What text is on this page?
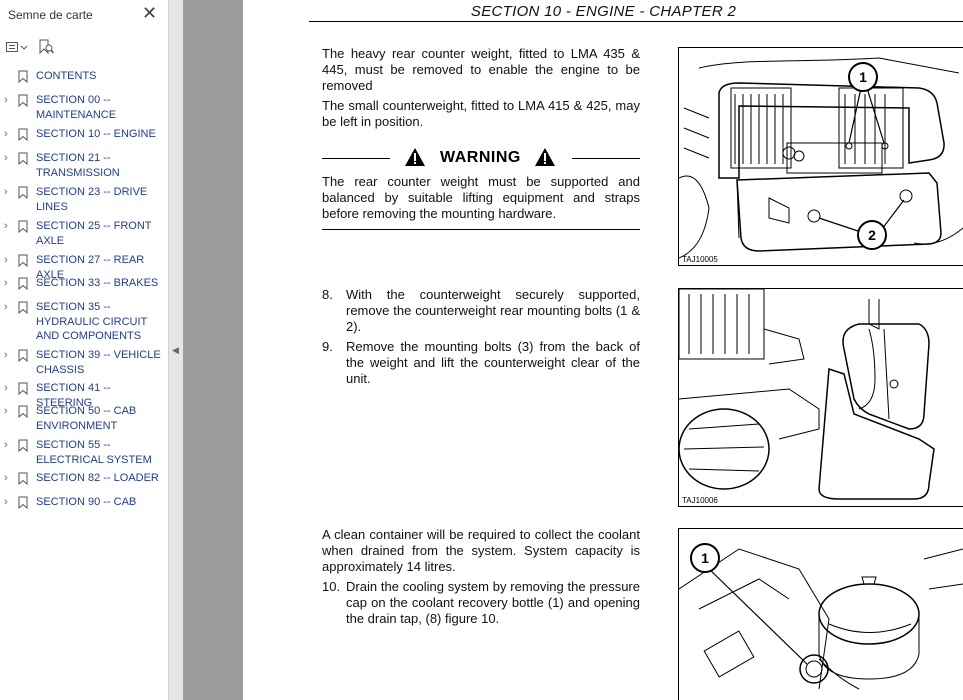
Semne de carte	✕
CONTENTS
›	SECTION 00 -- MAINTENANCE
›	SECTION 10 -- ENGINE
›	SECTION 21 -- TRANSMISSION
›	SECTION 23 -- DRIVE LINES
›	SECTION 25 -- FRONT AXLE
›	SECTION 27 -- REAR AXLE
›	SECTION 33 -- BRAKES
›	SECTION 35 -- HYDRAULIC CIRCUIT AND COMPONENTS
›	SECTION 39 -- VEHICLE CHASSIS
›	SECTION 41 -- STEERING
›	SECTION 50 -- CAB ENVIRONMENT
›	SECTION 55 -- ELECTRICAL SYSTEM
›	SECTION 82 -- LOADER
›	SECTION 90 -- CAB
◀
SECTION 10 - ENGINE - CHAPTER 2
The heavy rear counter weight, fitted to LMA 435 & 445, must be removed to enable the engine to be removed
The small counterweight, fitted to LMA 415 & 425, may be left in position.
WARNING
The rear counter weight must be supported and balanced by suitable lifting equipment and straps before removing the mounting hardware.
8. With the counterweight securely supported, remove the counterweight rear mounting bolts (1 & 2).
9. Remove the mounting bolts (3) from the back of the weight and lift the counterweight clear of the unit.
A clean container will be required to collect the coolant when drained from the system. System capacity is approximately 14 litres.
10. Drain the cooling system by removing the pressure cap on the coolant recovery bottle (1) and opening the drain tap, (8) figure 10.
1
2
TAJ10005
TAJ10006
1
